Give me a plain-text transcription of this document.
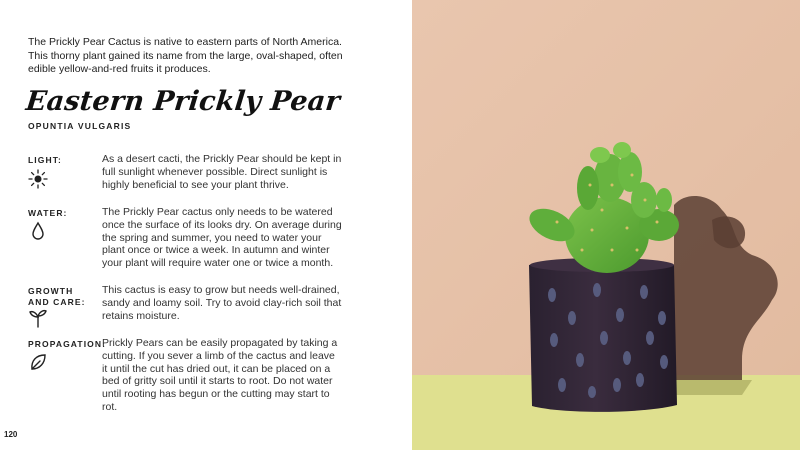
The Prickly Pear Cactus is native to eastern parts of North America. This thorny plant gained its name from the large, oval-shaped, often edible yellow-and-red fruits it produces.

Eastern Prickly Pear
OPUNTIA VULGARIS
LIGHT:	As a desert cacti, the Prickly Pear should be kept in full sunlight whenever possible. Direct sunlight is highly beneficial to see your plant thrive.

WATER:	The Prickly Pear cactus only needs to be watered once the surface of its looks dry. On average during the spring and summer, you need to water your plant once or twice a week. In autumn and winter your plant will require water one or twice a month.

GROWTH AND CARE:

This cactus is easy to grow but needs well-drained, sandy and loamy soil. Try to avoid clay-rich soil that retains moisture.

PROPAGATION:

Prickly Pears can be easily propagated by taking a cutting. If you sever a limb of the cactus and leave it until the cut has dried out, it can be placed on a bed of gritty soil until it starts to root. Do not water until rooting has begun or the cutting may start to rot.

120
